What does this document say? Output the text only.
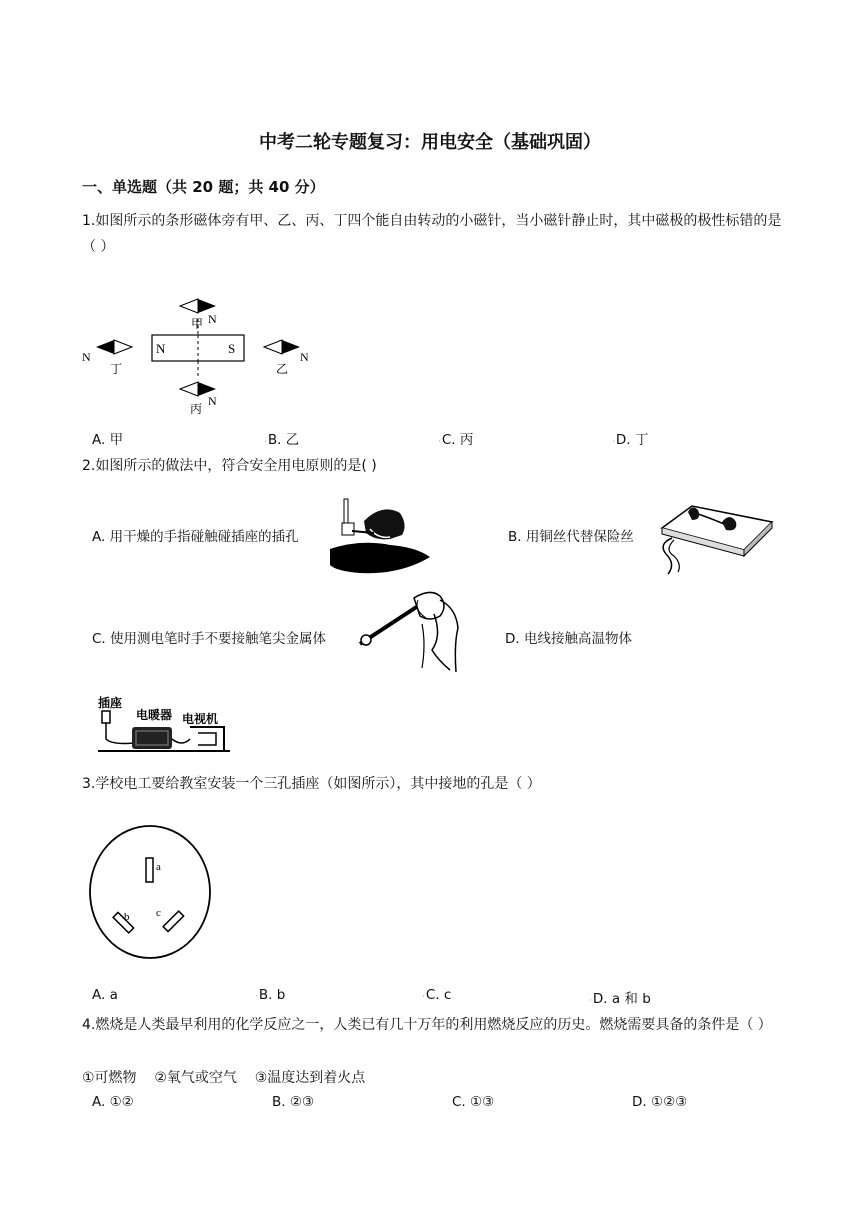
中考二轮专题复习：用电安全（基础巩固）
一、单选题（共 20 题；共 40 分）
1.如图所示的条形磁体旁有甲、乙、丙、丁四个能自由转动的小磁针，当小磁针静止时，其中磁极的极性标错的是（ ）
N	S
甲 N
N
丁
N
乙
丙
N
A. 甲	·B. 乙	·C. 丙	·D. 丁
2.如图所示的做法中，符合安全用电原则的是( )
A. 用干燥的手指碰触碰插座的插孔	B. 用铜丝代替保险丝
C. 使用测电笔时手不要接触笔尖金属体	D. 电线接触高温物体
插座
电暖器 电视机
3.学校电工要给教室安装一个三孔插座（如图所示），其中接地的孔是（ ）
a
b c
A. a	·B. b	·C. c	·D. a 和 b
4.燃烧是人类最早利用的化学反应之一，人类已有几十万年的利用燃烧反应的历史。燃烧需要具备的条件是（ ）
①可燃物    ②氧气或空气    ③温度达到着火点
A. ①②	B. ②③	C. ①③	D. ①②③
